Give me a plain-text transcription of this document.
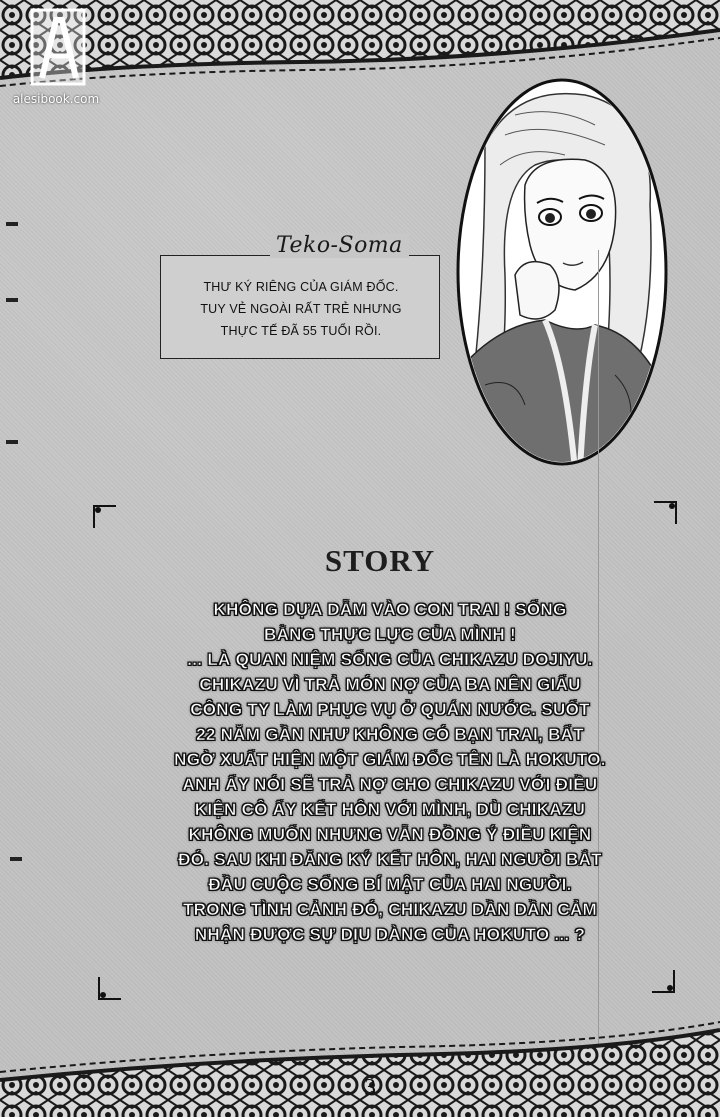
alesibook.com
THƯ KÝ RIÊNG CỦA GIÁM ĐỐC.
TUY VẺ NGOÀI RẤT TRẺ NHƯNG
THỰC TẾ ĐÃ 55 TUỔI RỒI.
Teko-Soma
STORY
KHÔNG DỰA DẪM VÀO CON TRAI ! SỐNG
BẰNG THỰC LỰC CỦA MÌNH !
... LÀ QUAN NIỆM SỐNG CỦA CHIKAZU DOJIYU.
CHIKAZU VÌ TRẢ MÓN NỢ CỦA BA NÊN GIẤU
CÔNG TY LÀM PHỤC VỤ Ở QUÁN NƯỚC. SUỐT
22 NĂM GẦN NHƯ KHÔNG CÓ BẠN TRAI, BẤT
NGỜ XUẤT HIỆN MỘT GIÁM ĐỐC TÊN LÀ HOKUTO.
ANH ẤY NÓI SẼ TRẢ NỢ CHO CHIKAZU VỚI ĐIỀU
KIỆN CÔ ẤY KẾT HÔN VỚI MÌNH, DÙ CHIKAZU
KHÔNG MUỐN NHƯNG VẪN ĐỒNG Ý ĐIỀU KIỆN
ĐÓ. SAU KHI ĐĂNG KÝ KẾT HÔN, HAI NGƯỜI BẮT
ĐẦU CUỘC SỐNG BÍ MẬT CỦA HAI NGƯỜI.
TRONG TÌNH CẢNH ĐÓ, CHIKAZU DẦN DẦN CẢM
NHẬN ĐƯỢC SỰ DỊU DÀNG CỦA HOKUTO ... ?
3
